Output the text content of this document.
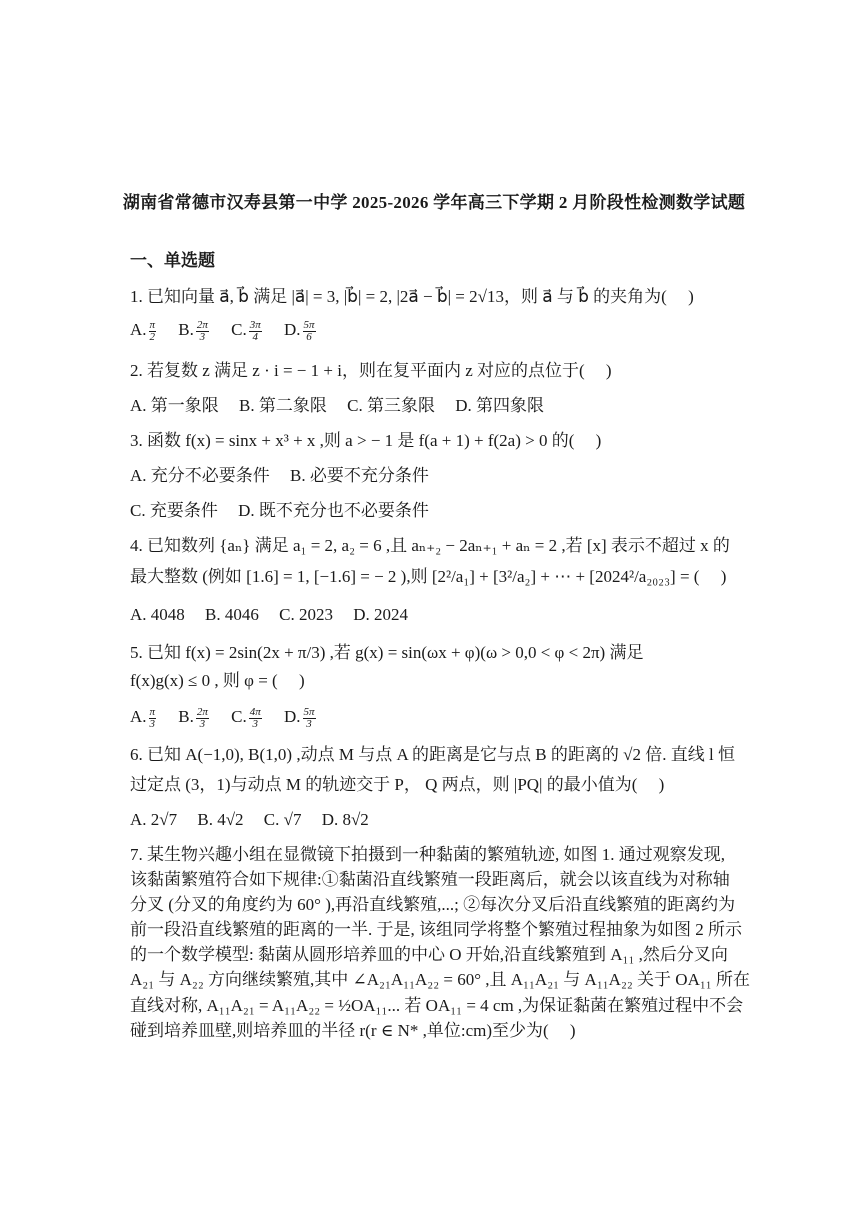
湖南省常德市汉寿县第一中学 2025-2026 学年高三下学期 2 月阶段性检测数学试题
一、单选题
1. 已知向量 a⃗, b⃗ 满足 |a⃗| = 3, |b⃗| = 2, |2a⃗ − b⃗| = 2√13，则 a⃗ 与 b⃗ 的夹角为(　 )
A. $\frac{\pi}{2} B$. $\frac{2\pi}{3} C$. $\frac{3\pi}{4} D$. $\frac{5\pi}{6}$
2. 若复数 z 满足 z · i = − 1 + i，则在复平面内 z 对应的点位于(　 )
A. 第一象限 B. 第二象限 C. 第三象限 D. 第四象限
3. 函数 f(x) = sinx + x³ + x ,则 a > − 1 是 f(a + 1) + f(2a) > 0 的(　 )
A. 充分不必要条件 B. 必要不充分条件
C. 充要条件 D. 既不充分也不必要条件
4. 已知数列 {aₙ} 满足 a₁ = 2, a₂ = 6 ,且 aₙ₊₂ − 2aₙ₊₁ + aₙ = 2 ,若 [x] 表示不超过 x 的
最大整数 (例如 [1.6] = 1, [−1.6] = − 2 ),则 [2²/a₁] + [3²/a₂] + ⋯ + [2024²/a₂₀₂₃] = (　 )
A. 4048 B. 4046 C. 2023 D. 2024
5. 已知 f(x) = 2sin(2x + π/3) ,若 g(x) = sin(ωx + φ)(ω > 0,0 < φ < 2π) 满足
f(x)g(x) ≤ 0 , 则 φ = (　 )
A. $\frac{\pi}{3} B$. $\frac{2\pi}{3} C$. $\frac{4\pi}{3} D$. $\frac{5\pi}{3}$
6. 已知 A(−1,0), B(1,0) ,动点 M 与点 A 的距离是它与点 B 的距离的 √2 倍. 直线 l 恒
过定点 (3，1)与动点 M 的轨迹交于 P， Q 两点，则 |PQ| 的最小值为(　 )
A. 2√7 B. 4√2 C. √7 D. 8√2
7. 某生物兴趣小组在显微镜下拍摄到一种黏菌的繁殖轨迹, 如图 1. 通过观察发现,
该黏菌繁殖符合如下规律:①黏菌沿直线繁殖一段距离后，就会以该直线为对称轴
分叉 (分叉的角度约为 60° ),再沿直线繁殖,...; ②每次分叉后沿直线繁殖的距离约为
前一段沿直线繁殖的距离的一半. 于是, 该组同学将整个繁殖过程抽象为如图 2 所示
的一个数学模型: 黏菌从圆形培养皿的中心 O 开始,沿直线繁殖到 A₁₁ ,然后分叉向
A₂₁ 与 A₂₂ 方向继续繁殖,其中 ∠A₂₁A₁₁A₂₂ = 60° ,且 A₁₁A₂₁ 与 A₁₁A₂₂ 关于 OA₁₁ 所在
直线对称, A₁₁A₂₁ = A₁₁A₂₂ = ½OA₁₁... 若 OA₁₁ = 4 cm ,为保证黏菌在繁殖过程中不会
碰到培养皿壁,则培养皿的半径 r(r ∈ N* ,单位:cm)至少为(　 )
